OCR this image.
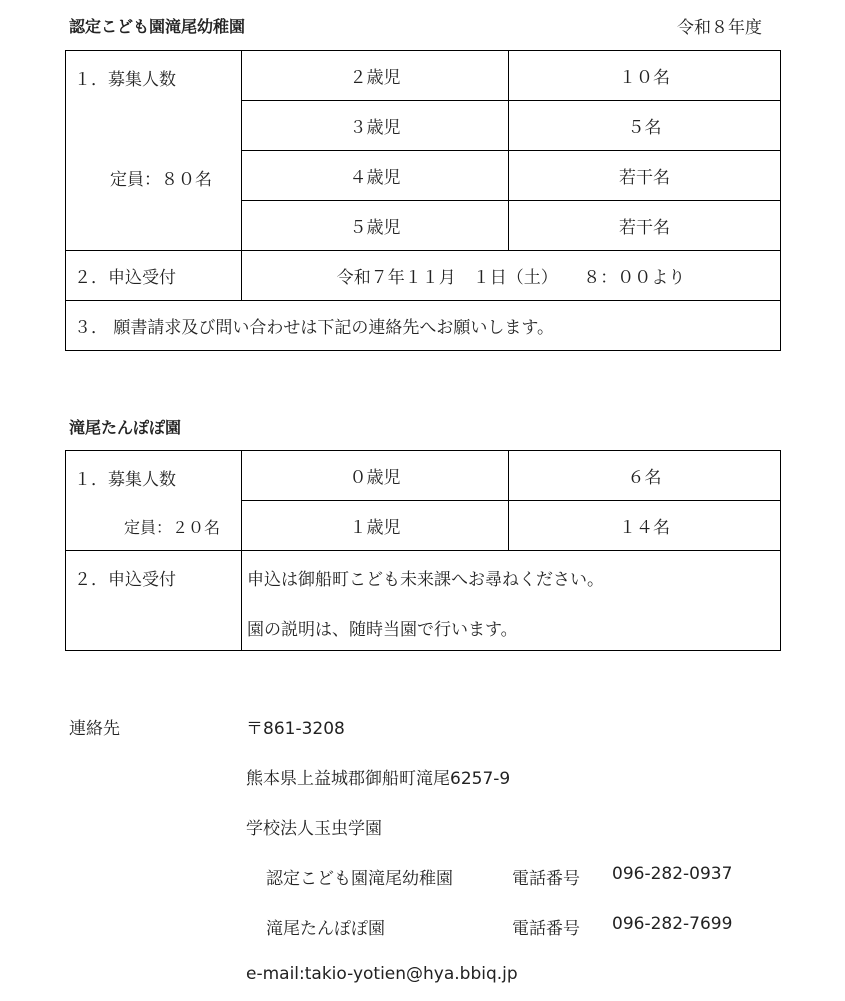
認定こども園滝尾幼稚園	令和８年度
１．募集人数
定員：８０名	２歳児	１０名
	３歳児	５名
	４歳児	若干名
	５歳児	若干名
２．申込受付	令和７年１１月　１日（土）　　８：００より	
３． 願書請求及び問い合わせは下記の連絡先へお願いします。		
滝尾たんぽぽ園
１．募集人数
定員：２０名	０歳児	６名
	１歳児	１４名

２．申込受付	申込は御船町こども未来課へお尋ねください。
園の説明は、随時当園で行います。	
連絡先	〒861-3208
熊本県上益城郡御船町滝尾6257-9
学校法人玉虫学園
認定こども園滝尾幼稚園	電話番号 096-282-0937
滝尾たんぽぽ園	電話番号 096-282-7699
e-mail:takio-yotien@hya.bbiq.jp
